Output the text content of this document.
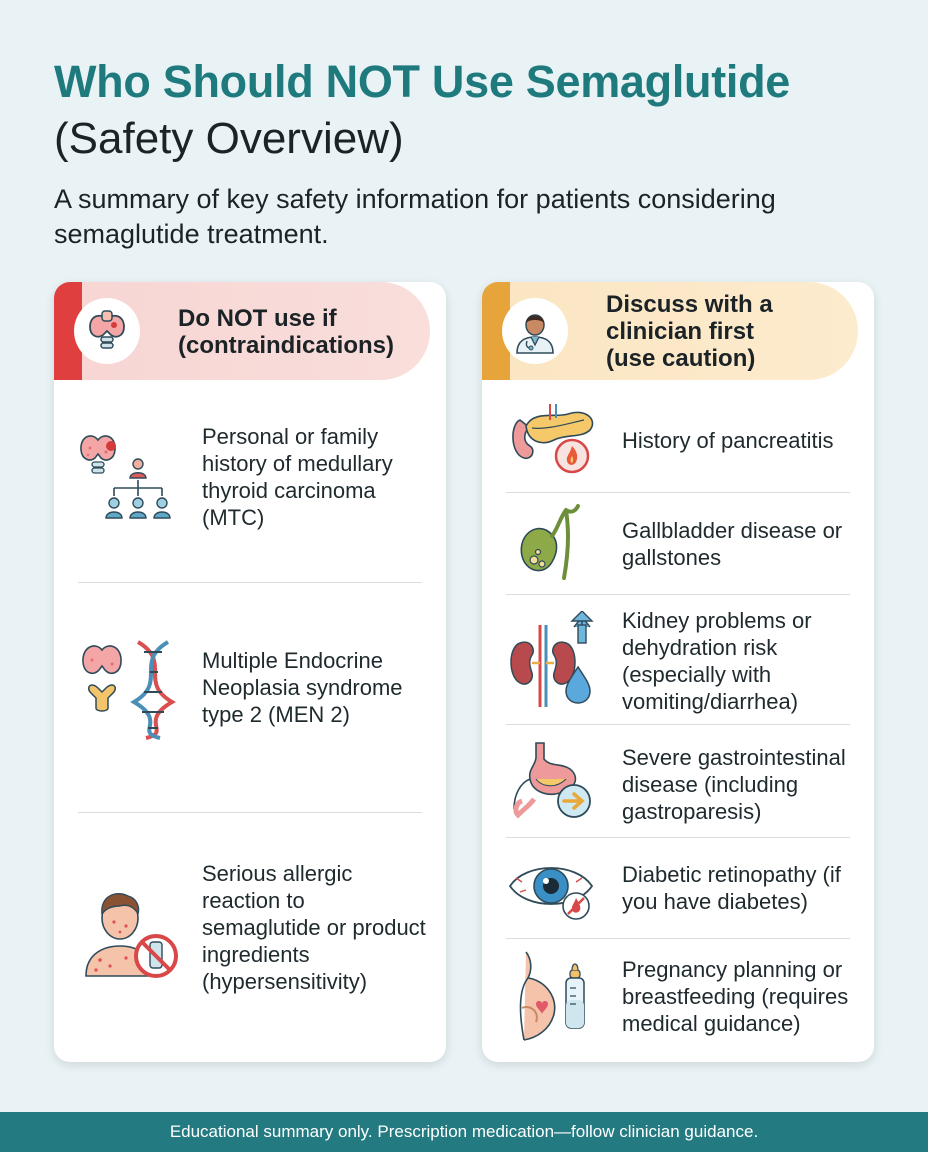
Who Should NOT Use Semaglutide
(Safety Overview)
A summary of key safety information for patients considering semaglutide treatment.
Do NOT use if
(contraindications)
Personal or family history of medullary thyroid carcinoma (MTC)
Multiple Endocrine Neoplasia syndrome type 2 (MEN 2)
Serious allergic reaction to semaglutide or product ingredients (hypersensitivity)
Discuss with a
clinician first
(use caution)
History of pancreatitis
Gallbladder disease or gallstones
Kidney problems or dehydration risk (especially with vomiting/diarrhea)
Severe gastrointestinal disease (including gastroparesis)
Diabetic retinopathy (if you have diabetes)
Pregnancy planning or breastfeeding (requires medical guidance)
Educational summary only. Prescription medication—follow clinician guidance.
